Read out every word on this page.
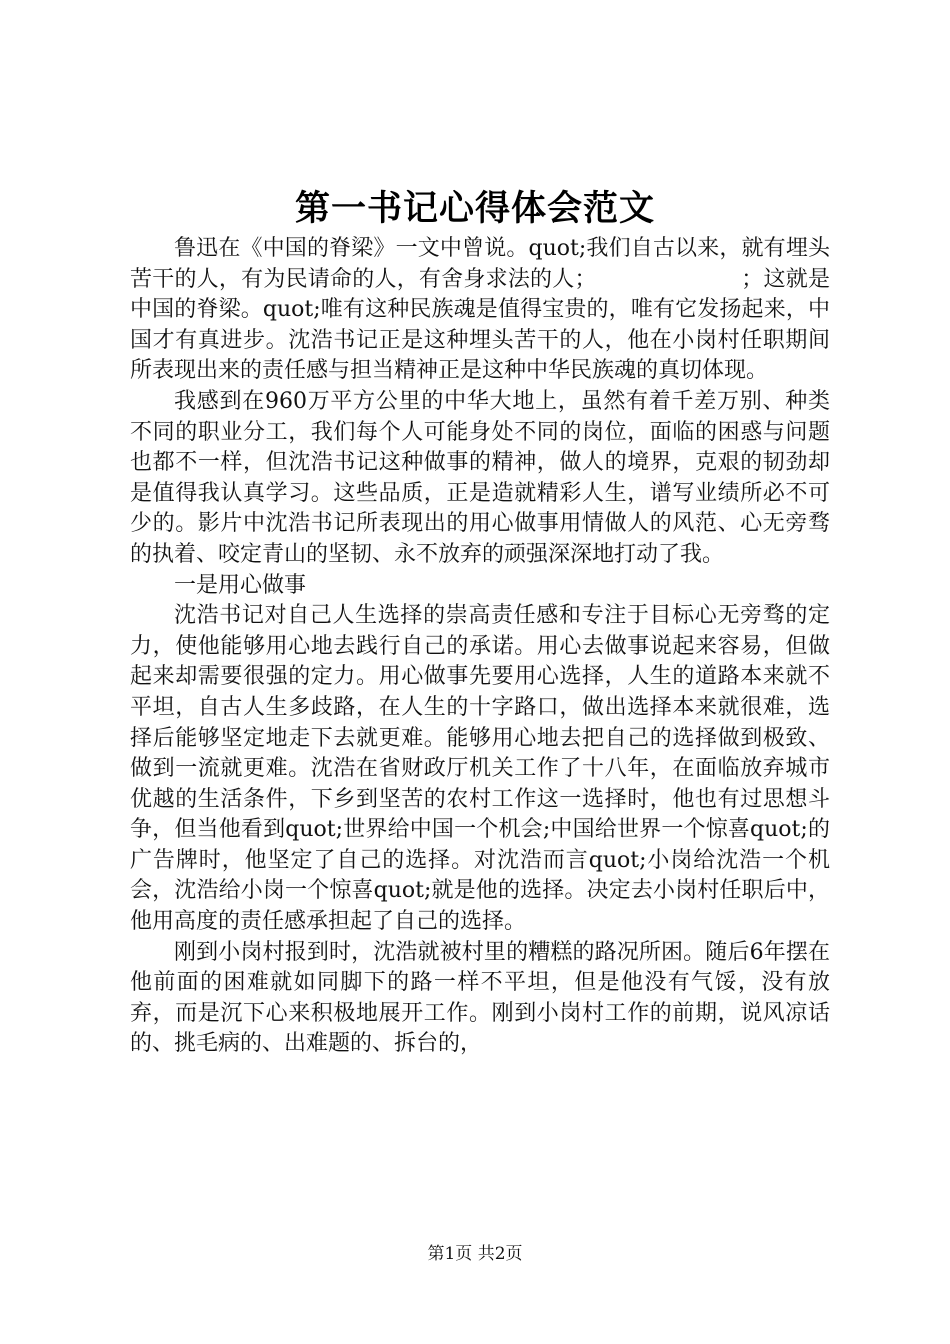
第一书记心得体会范文

鲁迅在《中国的脊梁》一文中曾说。quot;我们自古以来，就有埋头苦干的人，有为民请命的人，有舍身求法的人；　　　　　　　；这就是中国的脊梁。quot;唯有这种民族魂是值得宝贵的，唯有它发扬起来，中国才有真进步。沈浩书记正是这种埋头苦干的人，他在小岗村任职期间所表现出来的责任感与担当精神正是这种中华民族魂的真切体现。

我感到在960万平方公里的中华大地上，虽然有着千差万别、种类不同的职业分工，我们每个人可能身处不同的岗位，面临的困惑与问题也都不一样，但沈浩书记这种做事的精神，做人的境界，克艰的韧劲却是值得我认真学习。这些品质，正是造就精彩人生，谱写业绩所必不可少的。影片中沈浩书记所表现出的用心做事用情做人的风范、心无旁骛的执着、咬定青山的坚韧、永不放弃的顽强深深地打动了我。

一是用心做事

沈浩书记对自己人生选择的崇高责任感和专注于目标心无旁骛的定力，使他能够用心地去践行自己的承诺。用心去做事说起来容易，但做起来却需要很强的定力。用心做事先要用心选择，人生的道路本来就不平坦，自古人生多歧路，在人生的十字路口，做出选择本来就很难，选择后能够坚定地走下去就更难。能够用心地去把自己的选择做到极致、做到一流就更难。沈浩在省财政厅机关工作了十八年，在面临放弃城市优越的生活条件，下乡到坚苦的农村工作这一选择时，他也有过思想斗争，但当他看到quot;世界给中国一个机会;中国给世界一个惊喜quot;的广告牌时，他坚定了自己的选择。对沈浩而言quot;小岗给沈浩一个机会，沈浩给小岗一个惊喜quot;就是他的选择。决定去小岗村任职后中，他用高度的责任感承担起了自己的选择。

刚到小岗村报到时，沈浩就被村里的糟糕的路况所困。随后6年摆在他前面的困难就如同脚下的路一样不平坦，但是他没有气馁，没有放弃，而是沉下心来积极地展开工作。刚到小岗村工作的前期，说风凉话的、挑毛病的、出难题的、拆台的，

第1页 共2页
